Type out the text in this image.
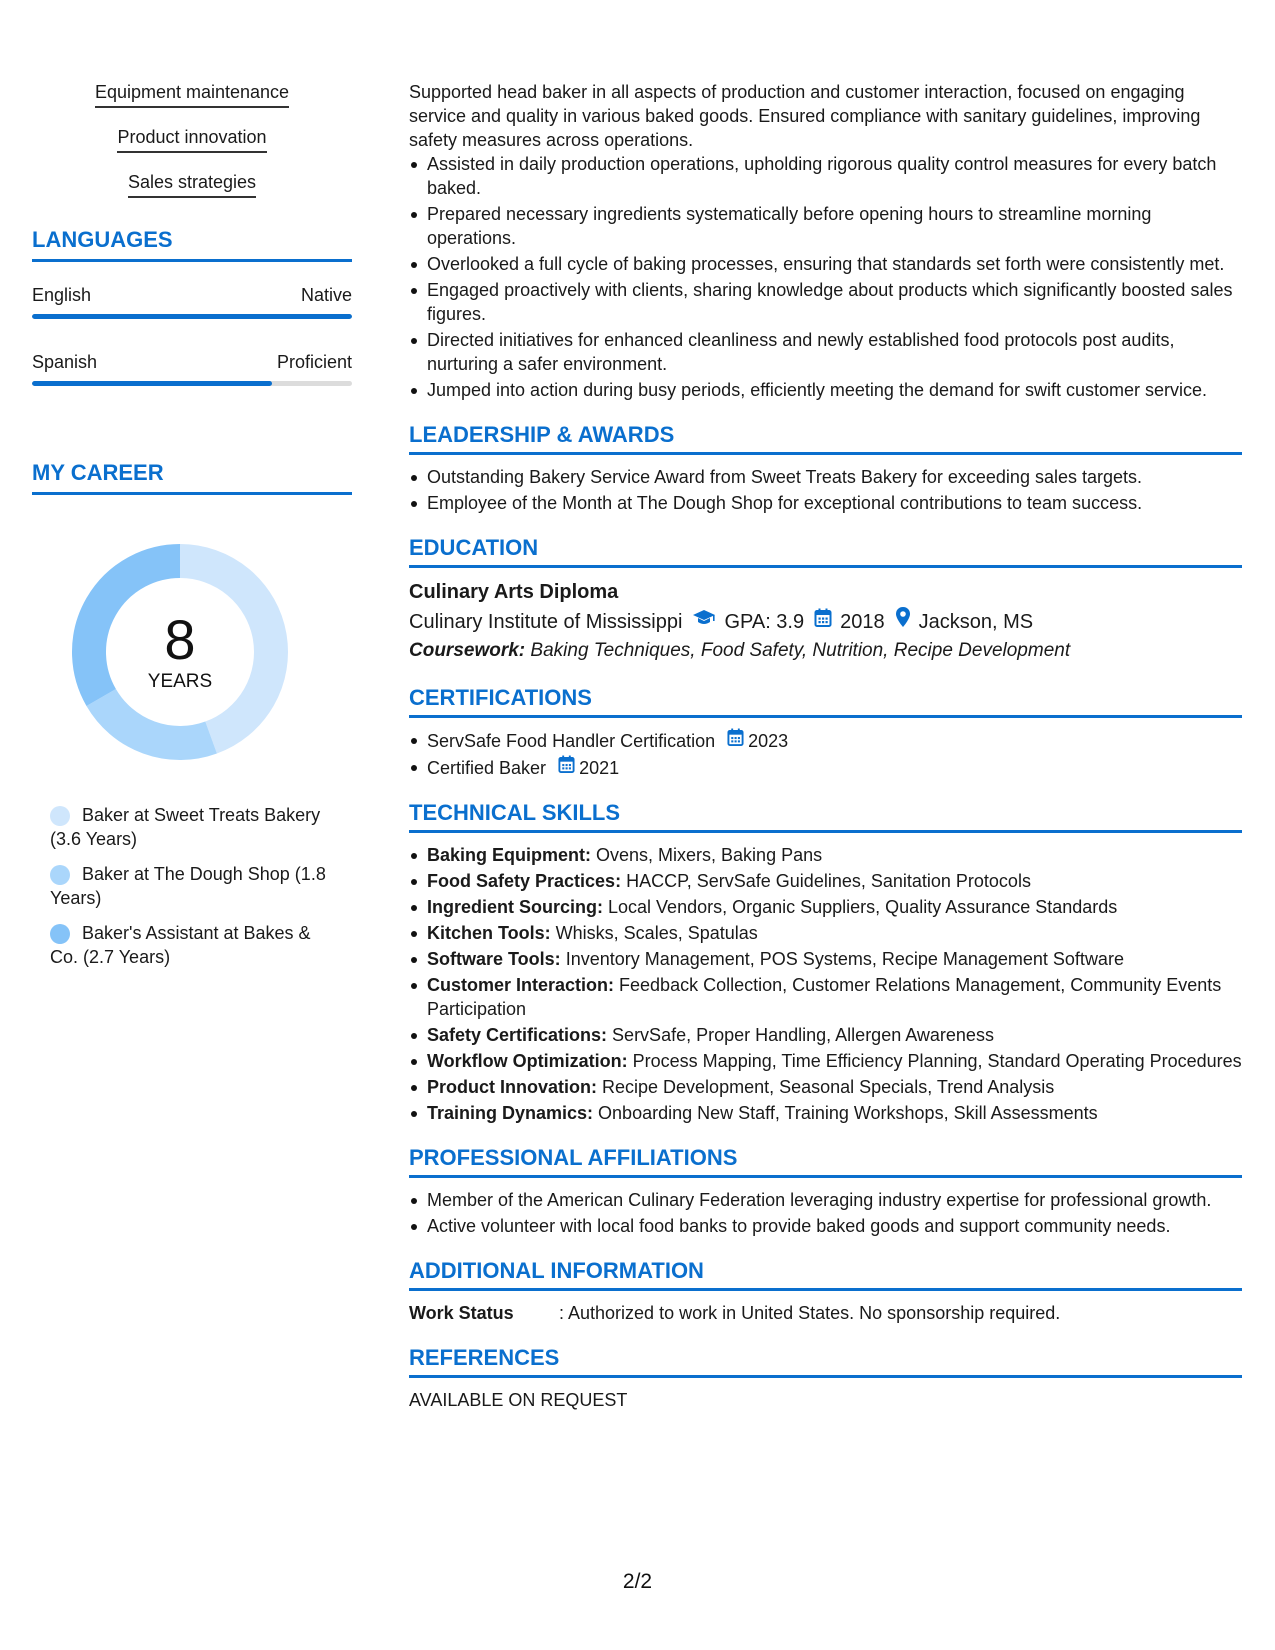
Equipment maintenance
Product innovation
Sales strategies
LANGUAGES
English	Native
Spanish	Proficient
MY CAREER
8
YEARS
Baker at Sweet Treats Bakery (3.6 Years)
Baker at The Dough Shop (1.8 Years)
Baker's Assistant at Bakes & Co. (2.7 Years)

Supported head baker in all aspects of production and customer interaction, focused on engaging service and quality in various baked goods. Ensured compliance with sanitary guidelines, improving safety measures across operations.

Assisted in daily production operations, upholding rigorous quality control measures for every batch baked.
Prepared necessary ingredients systematically before opening hours to streamline morning operations.
Overlooked a full cycle of baking processes, ensuring that standards set forth were consistently met.
Engaged proactively with clients, sharing knowledge about products which significantly boosted sales figures.
Directed initiatives for enhanced cleanliness and newly established food protocols post audits, nurturing a safer environment.
Jumped into action during busy periods, efficiently meeting the demand for swift customer service.
LEADERSHIP & AWARDS
Outstanding Bakery Service Award from Sweet Treats Bakery for exceeding sales targets.
Employee of the Month at The Dough Shop for exceptional contributions to team success.
EDUCATION
Culinary Arts Diploma
Culinary Institute of Mississippi GPA: 3.9 2018 Jackson, MS
Coursework: Baking Techniques, Food Safety, Nutrition, Recipe Development
CERTIFICATIONS
ServSafe Food Handler Certification 2023
Certified Baker 2021
TECHNICAL SKILLS
Baking Equipment: Ovens, Mixers, Baking Pans
Food Safety Practices: HACCP, ServSafe Guidelines, Sanitation Protocols
Ingredient Sourcing: Local Vendors, Organic Suppliers, Quality Assurance Standards
Kitchen Tools: Whisks, Scales, Spatulas
Software Tools: Inventory Management, POS Systems, Recipe Management Software
Customer Interaction: Feedback Collection, Customer Relations Management, Community Events Participation
Safety Certifications: ServSafe, Proper Handling, Allergen Awareness
Workflow Optimization: Process Mapping, Time Efficiency Planning, Standard Operating Procedures
Product Innovation: Recipe Development, Seasonal Specials, Trend Analysis
Training Dynamics: Onboarding New Staff, Training Workshops, Skill Assessments
PROFESSIONAL AFFILIATIONS
Member of the American Culinary Federation leveraging industry expertise for professional growth.
Active volunteer with local food banks to provide baked goods and support community needs.
ADDITIONAL INFORMATION
Work Status	: Authorized to work in United States. No sponsorship required.
REFERENCES
AVAILABLE ON REQUEST
2/2
